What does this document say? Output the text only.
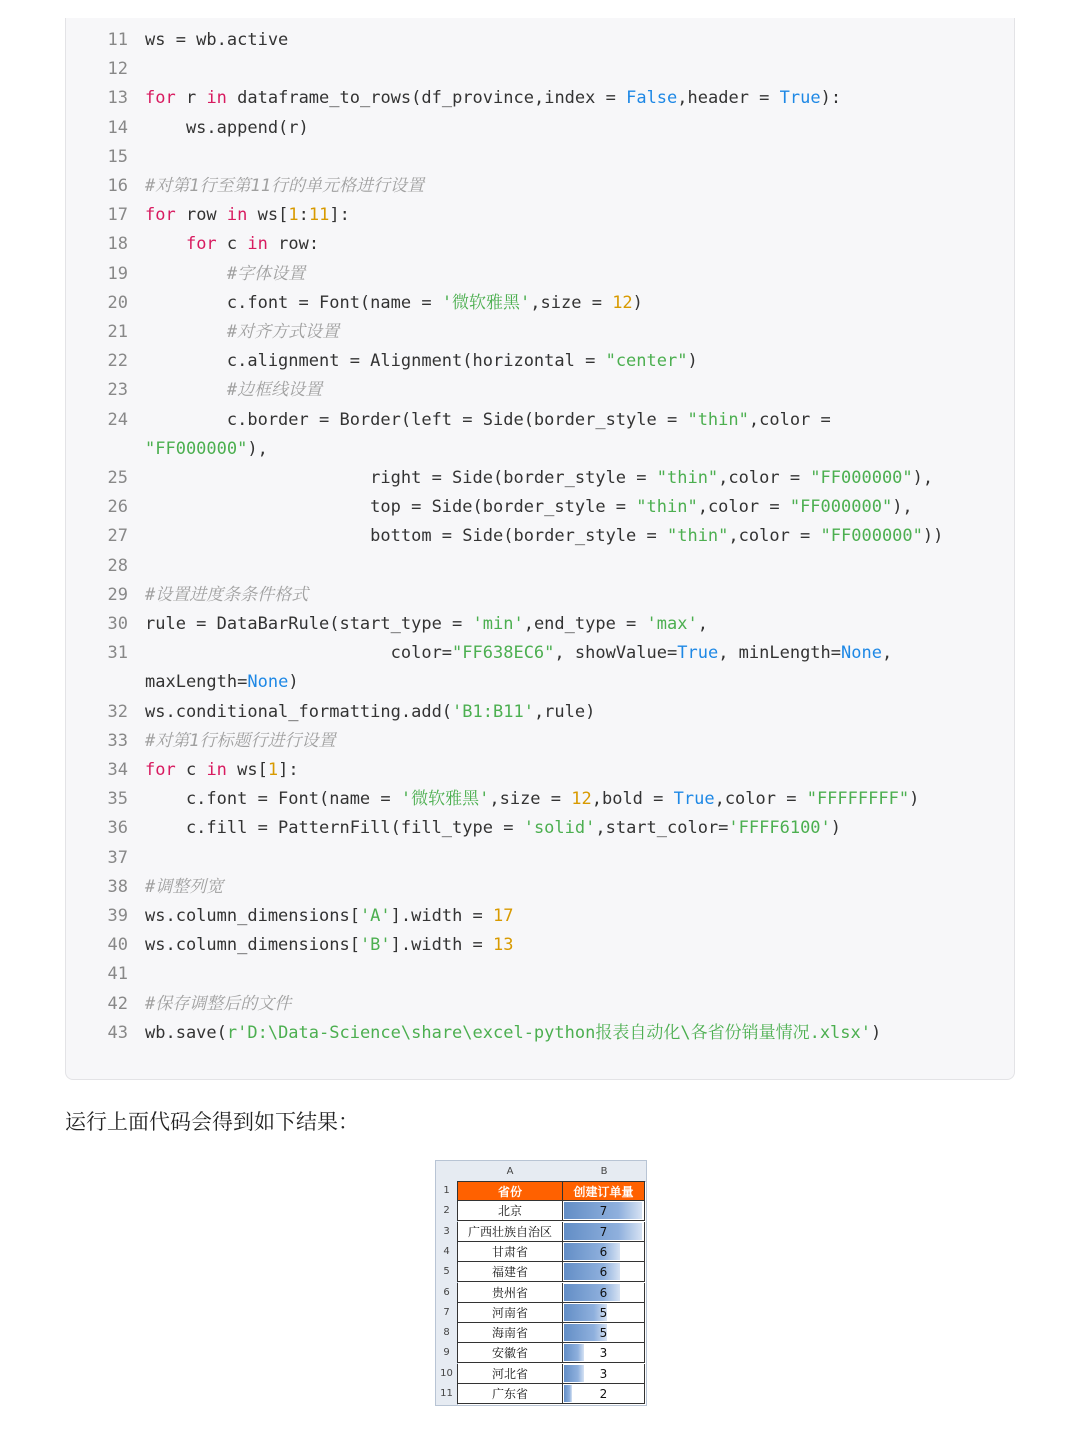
11 ws = wb.active
12
13 for r in dataframe_to_rows(df_province,index = False,header = True):
14 ws.append(r)
15
16 #对第1行至第11行的单元格进行设置
17 for row in ws[1:11]:
18	for c in row:
19	#字体设置
20 c.font = Font(name = '微软雅黑',size = 12)
21	#对齐方式设置
22 c.alignment = Alignment(horizontal = "center")
23	#边框线设置
24 c.border = Border(left = Side(border_style = "thin",color =
"FF000000"),
25 right = Side(border_style = "thin",color = "FF000000"),
26 top = Side(border_style = "thin",color = "FF000000"),
27 bottom = Side(border_style = "thin",color = "FF000000"))
28
29 #设置进度条条件格式
30 rule = DataBarRule(start_type = 'min',end_type = 'max',
31 color="FF638EC6", showValue=True, minLength=None,
maxLength=None)
32 ws.conditional_formatting.add('B1:B11',rule)
33 #对第1行标题行进行设置
34 for c in ws[1]:
35 c.font = Font(name = '微软雅黑',size = 12,bold = True,color = "FFFFFFFF")
36 c.fill = PatternFill(fill_type = 'solid',start_color='FFFF6100')
37
38 #调整列宽
39 ws.column_dimensions['A'].width = 17
40 ws.column_dimensions['B'].width = 13
41
42 #保存调整后的文件
43 wb.save(r'D:\Data-Science\share\excel-python报表自动化\各省份销量情况.xlsx')
运行上面代码会得到如下结果：
A	B
1	省份	创建订单量
2	北京	7
3	广西壮族自治区	7
4	甘肃省	6
5	福建省	6
6	贵州省	6
7	河南省	5
8	海南省	5
9	安徽省	3
10	河北省	3
11	广东省	2
